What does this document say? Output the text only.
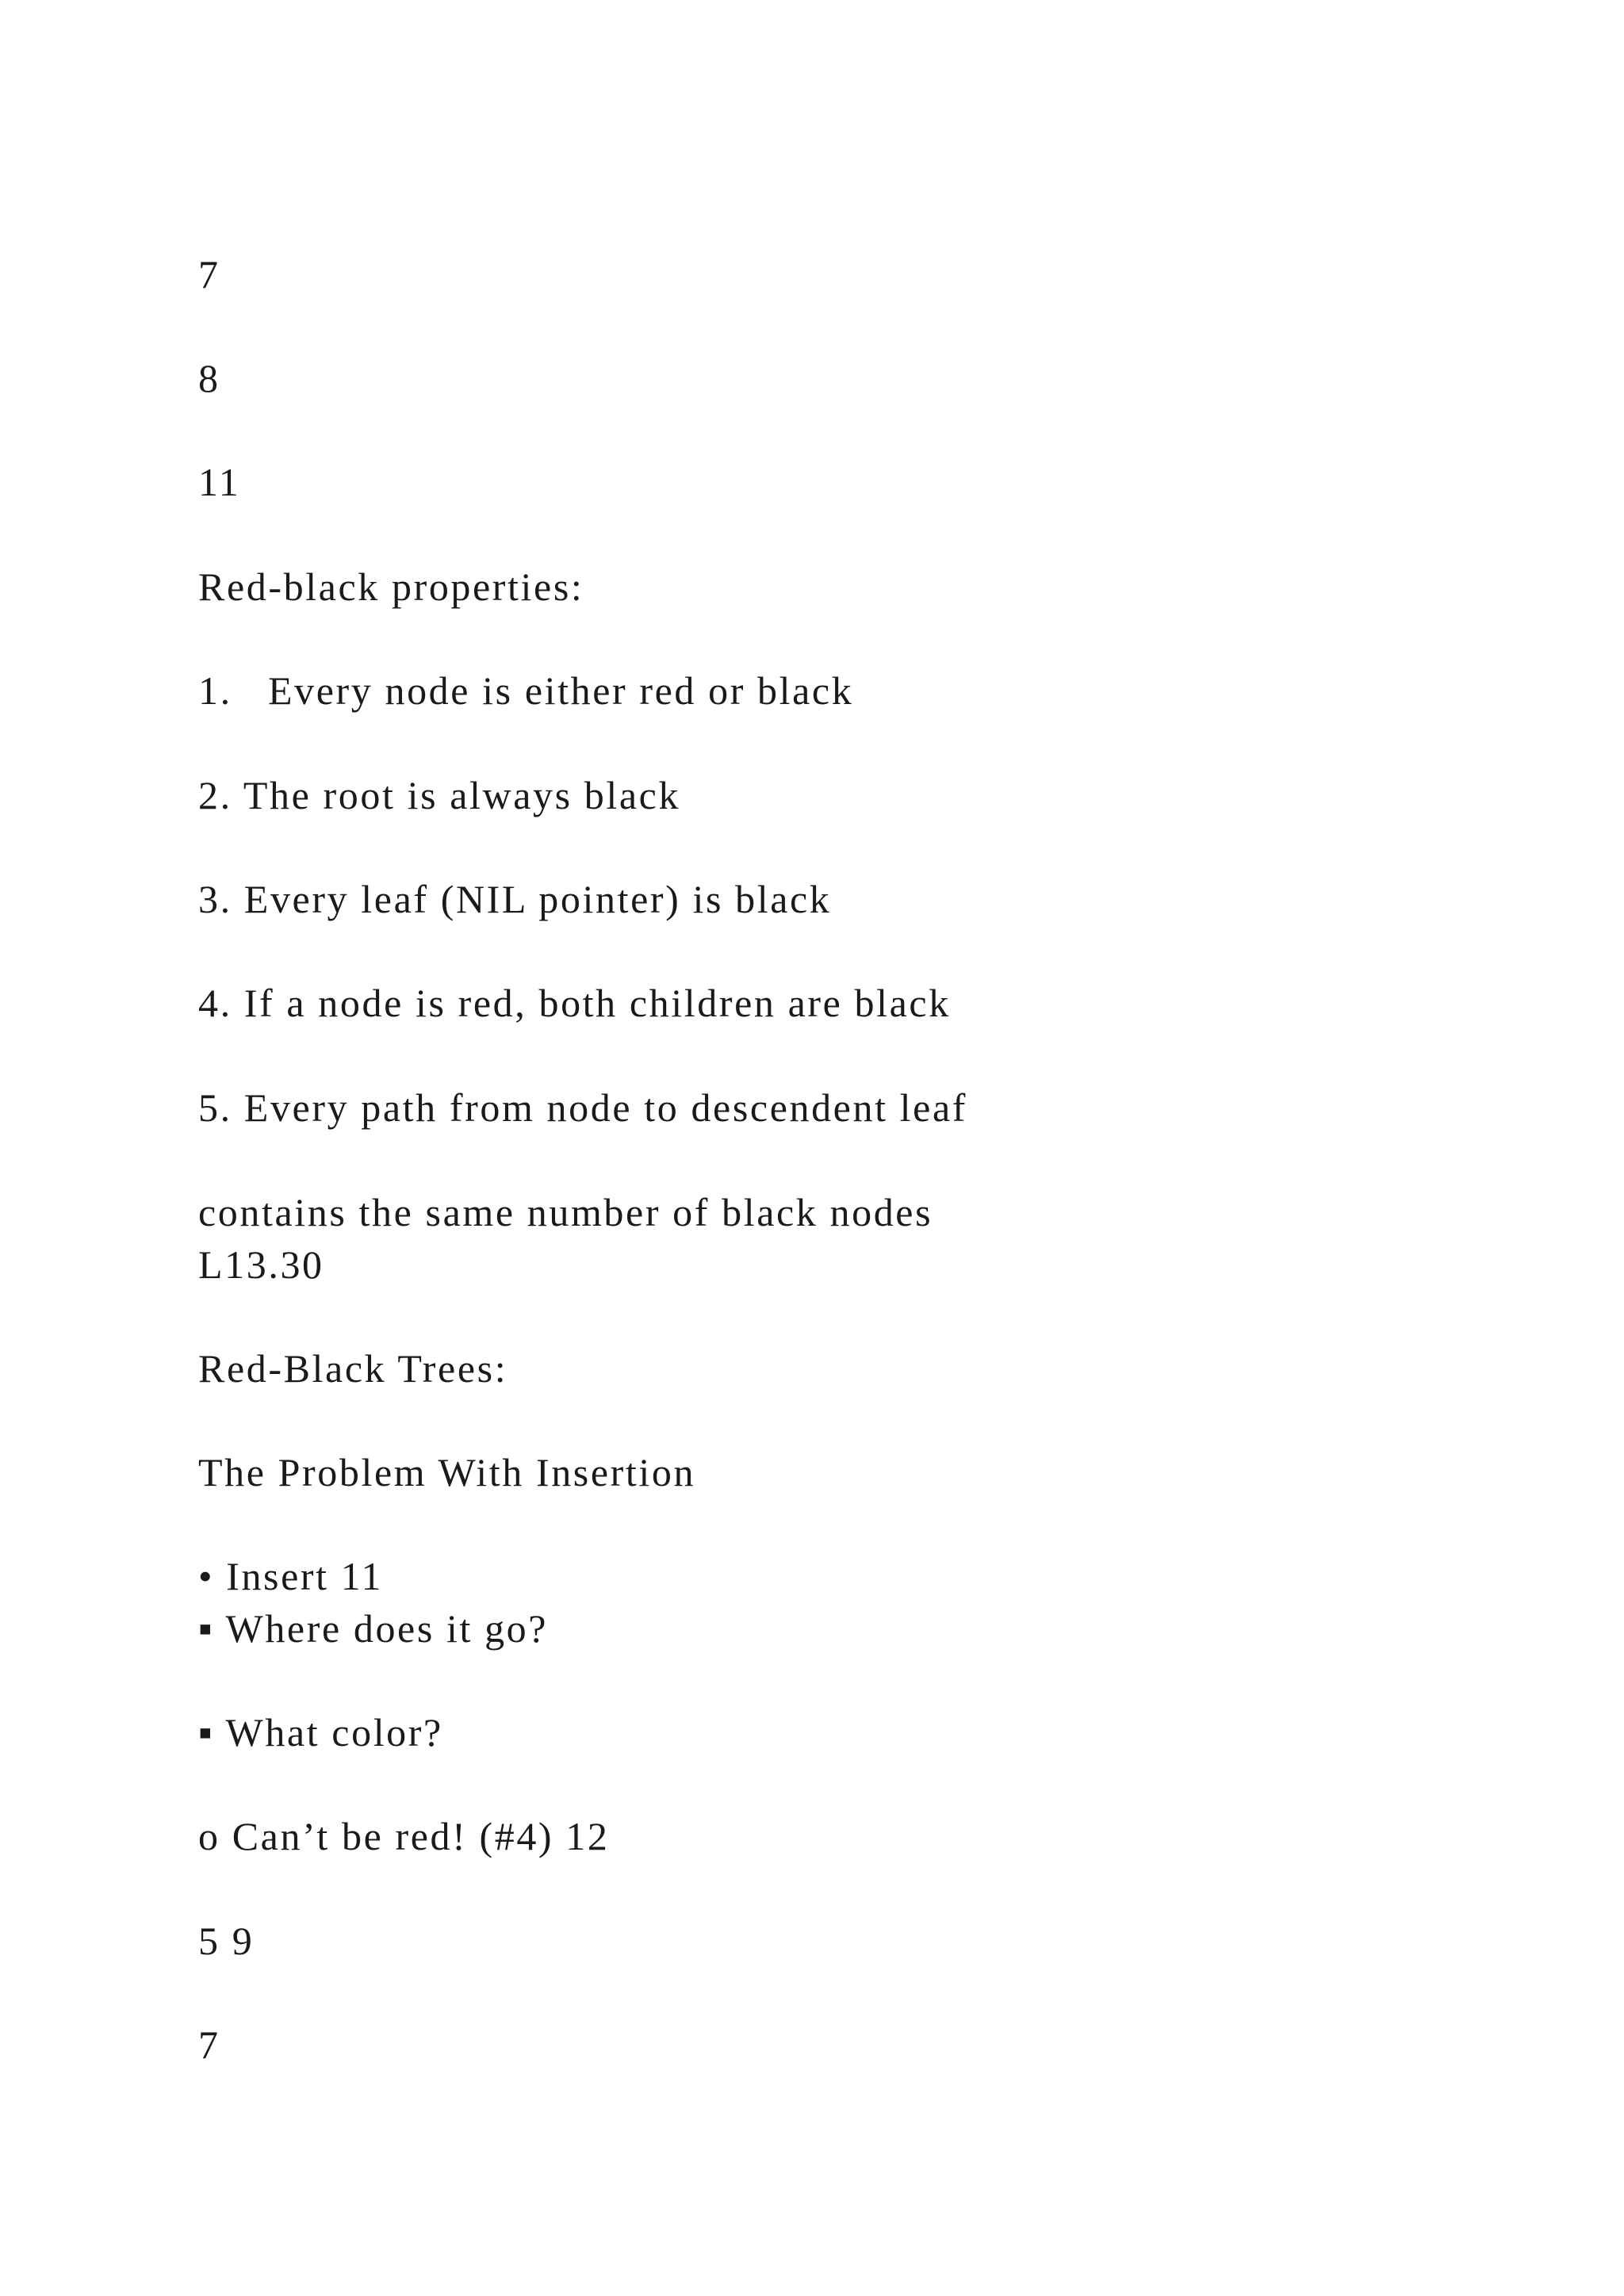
7

8

11

Red-black properties:

1.   Every node is either red or black

2. The root is always black

3. Every leaf (NIL pointer) is black

4. If a node is red, both children are black

5. Every path from node to descendent leaf

contains the same number of black nodes

L13.30

Red-Black Trees:

The Problem With Insertion

• Insert 11

▪ Where does it go?

▪ What color?

o Can’t be red! (#4) 12

5 9

7
